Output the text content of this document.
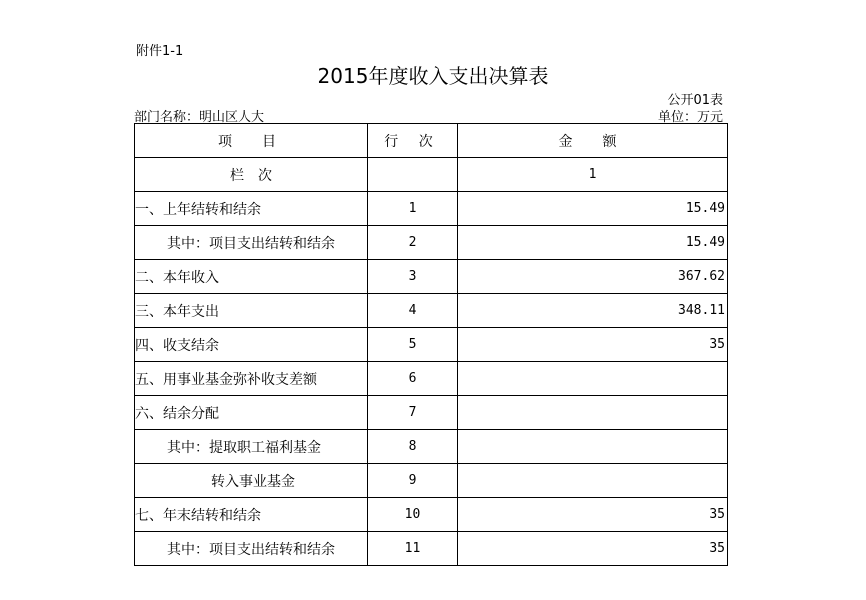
附件1-1
2015年度收入支出决算表
公开01表
部门名称：明山区人大	单位：万元
项　目	行 次	金　额
栏　次		1
一、上年结转和结余	1	15.49
其中：项目支出结转和结余	2	15.49
二、本年收入	3	367.62
三、本年支出	4	348.11
四、收支结余	5	35
五、用事业基金弥补收支差额	6	
六、结余分配	7	
其中：提取职工福利基金	8	
转入事业基金	9	
七、年末结转和结余	10	35
其中：项目支出结转和结余	11	35
